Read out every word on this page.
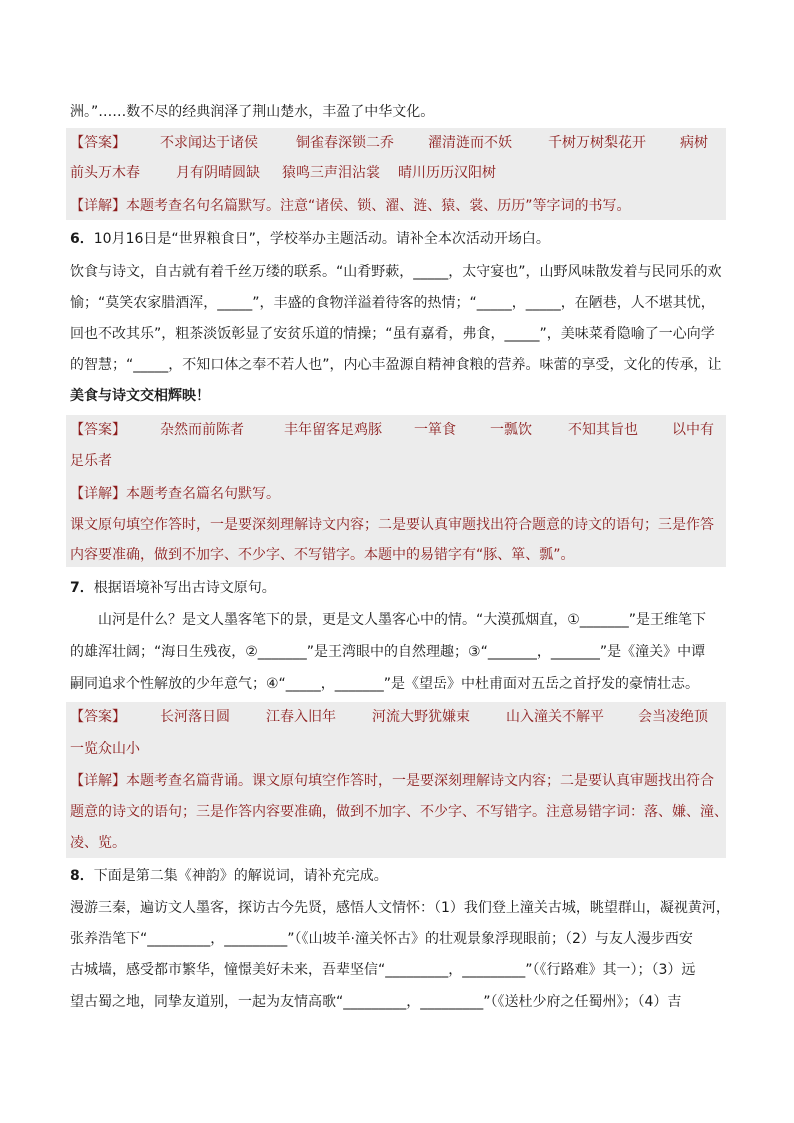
洲。”……数不尽的经典润泽了荆山楚水，丰盈了中华文化。
【答案】 不求闻达于诸侯	铜雀春深锁二乔 濯清涟而不妖	千树万树梨花开 病树
前头万木春	月有阴晴圆缺 猿鸣三声泪沾裳 晴川历历汉阳树
【详解】本题考查名句名篇默写。注意“诸侯、锁、濯、涟、猿、裳、历历”等字词的书写。
6．10月16日是“世界粮食日”，学校举办主题活动。请补全本次活动开场白。
饮食与诗文，自古就有着千丝万缕的联系。“山肴野蔌，_____，太守宴也”，山野风味散发着与民同乐的欢
愉；“莫笑农家腊酒浑，_____”，丰盛的食物洋溢着待客的热情；“_____，_____，在陋巷，人不堪其忧，
回也不改其乐”，粗茶淡饭彰显了安贫乐道的情操；“虽有嘉肴，弗食，_____”，美味菜肴隐喻了一心向学
的智慧；“_____，不知口体之奉不若人也”，内心丰盈源自精神食粮的营养。味蕾的享受，文化的传承，让
美食与诗文交相辉映！
【答案】 杂然而前陈者	丰年留客足鸡豚 一箪食 一瓢饮	不知其旨也 以中有
足乐者
【详解】本题考查名篇名句默写。
课文原句填空作答时，一是要深刻理解诗文内容；二是要认真审题找出符合题意的诗文的语句；三是作答
内容要准确，做到不加字、不少字、不写错字。本题中的易错字有“豚、箪、瓢”。
7．根据语境补写出古诗文原句。
山河是什么？是文人墨客笔下的景，更是文人墨客心中的情。“大漠孤烟直，①_______”是王维笔下
的雄浑壮阔；“海日生残夜，②_______”是王湾眼中的自然理趣；③“_______，_______”是《潼关》中谭
嗣同追求个性解放的少年意气；④“_____，_______”是《望岳》中杜甫面对五岳之首抒发的豪情壮志。
【答案】 长河落日圆	江春入旧年	河流大野犹嫌束	山入潼关不解平 会当凌绝顶
一览众山小
【详解】本题考查名篇背诵。课文原句填空作答时，一是要深刻理解诗文内容；二是要认真审题找出符合
题意的诗文的语句；三是作答内容要准确，做到不加字、不少字、不写错字。注意易错字词：落、嫌、潼、
凌、览。
8．下面是第二集《神韵》的解说词，请补充完成。
漫游三秦，遍访文人墨客，探访古今先贤，感悟人文情怀：（1）我们登上潼关古城，眺望群山，凝视黄河，
张养浩笔下“_________，_________”（《山坡羊·潼关怀古》的壮观景象浮现眼前；（2）与友人漫步西安
古城墙，感受都市繁华，憧憬美好未来，吾辈坚信“_________，_________”（《行路难》其一）；（3）远
望古蜀之地，同挚友道别，一起为友情高歌“_________，_________”（《送杜少府之任蜀州》；（4）吉
